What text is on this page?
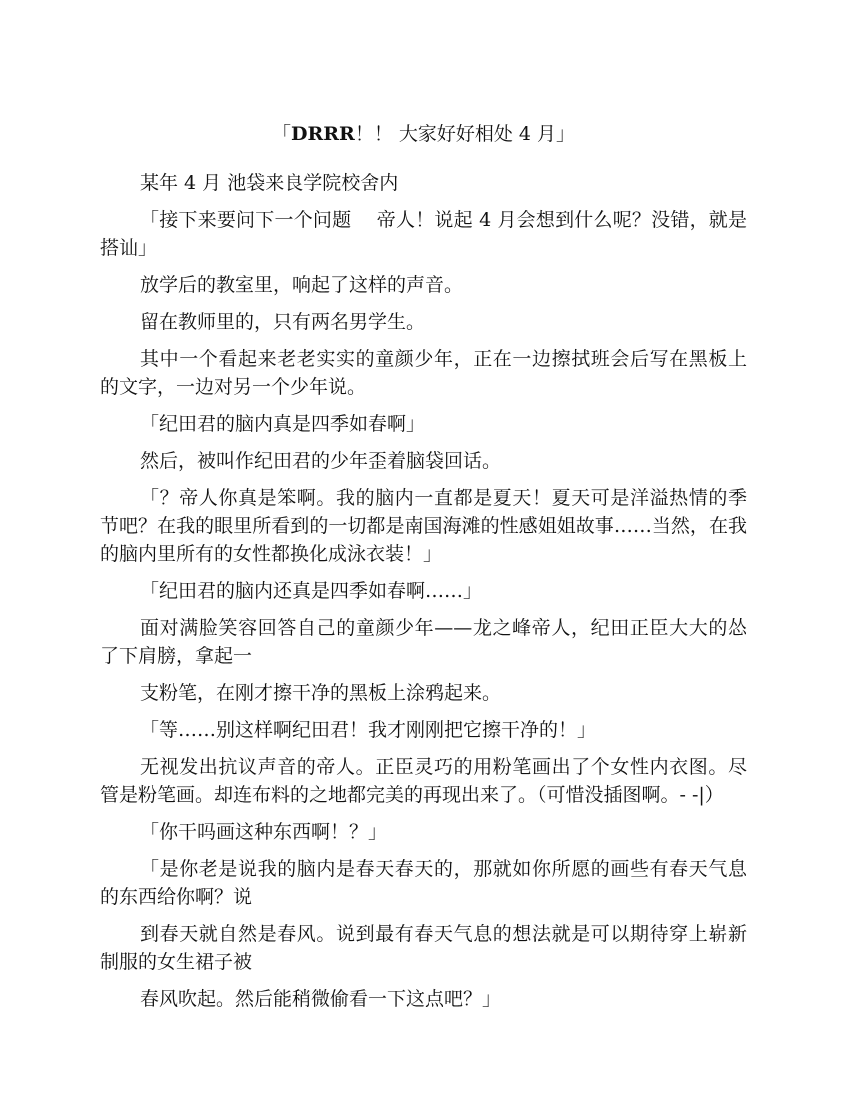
「DRRR！！ 大家好好相处 4 月」

某年 4 月 池袋来良学院校舍内

「接下来要问下一个问题　 帝人！说起 4 月会想到什么呢？没错，就是搭讪」

放学后的教室里，响起了这样的声音。

留在教师里的，只有两名男学生。

其中一个看起来老老实实的童颜少年，正在一边擦拭班会后写在黑板上的文字，一边对另一个少年说。

「纪田君的脑内真是四季如春啊」

然后，被叫作纪田君的少年歪着脑袋回话。

「？帝人你真是笨啊。我的脑内一直都是夏天！夏天可是洋溢热情的季节吧？在我的眼里所看到的一切都是南国海滩的性感姐姐故事……当然，在我的脑内里所有的女性都换化成泳衣装！」

「纪田君的脑内还真是四季如春啊……」

面对满脸笑容回答自己的童颜少年——龙之峰帝人，纪田正臣大大的怂了下肩膀，拿起一

支粉笔，在刚才擦干净的黑板上涂鸦起来。

「等……别这样啊纪田君！我才刚刚把它擦干净的！」

无视发出抗议声音的帝人。正臣灵巧的用粉笔画出了个女性内衣图。尽管是粉笔画。却连布料的之地都完美的再现出来了。（可惜没插图啊。- -|）

「你干吗画这种东西啊！？」

「是你老是说我的脑内是春天春天的，那就如你所愿的画些有春天气息的东西给你啊？说

到春天就自然是春风。说到最有春天气息的想法就是可以期待穿上崭新制服的女生裙子被

春风吹起。然后能稍微偷看一下这点吧？」
